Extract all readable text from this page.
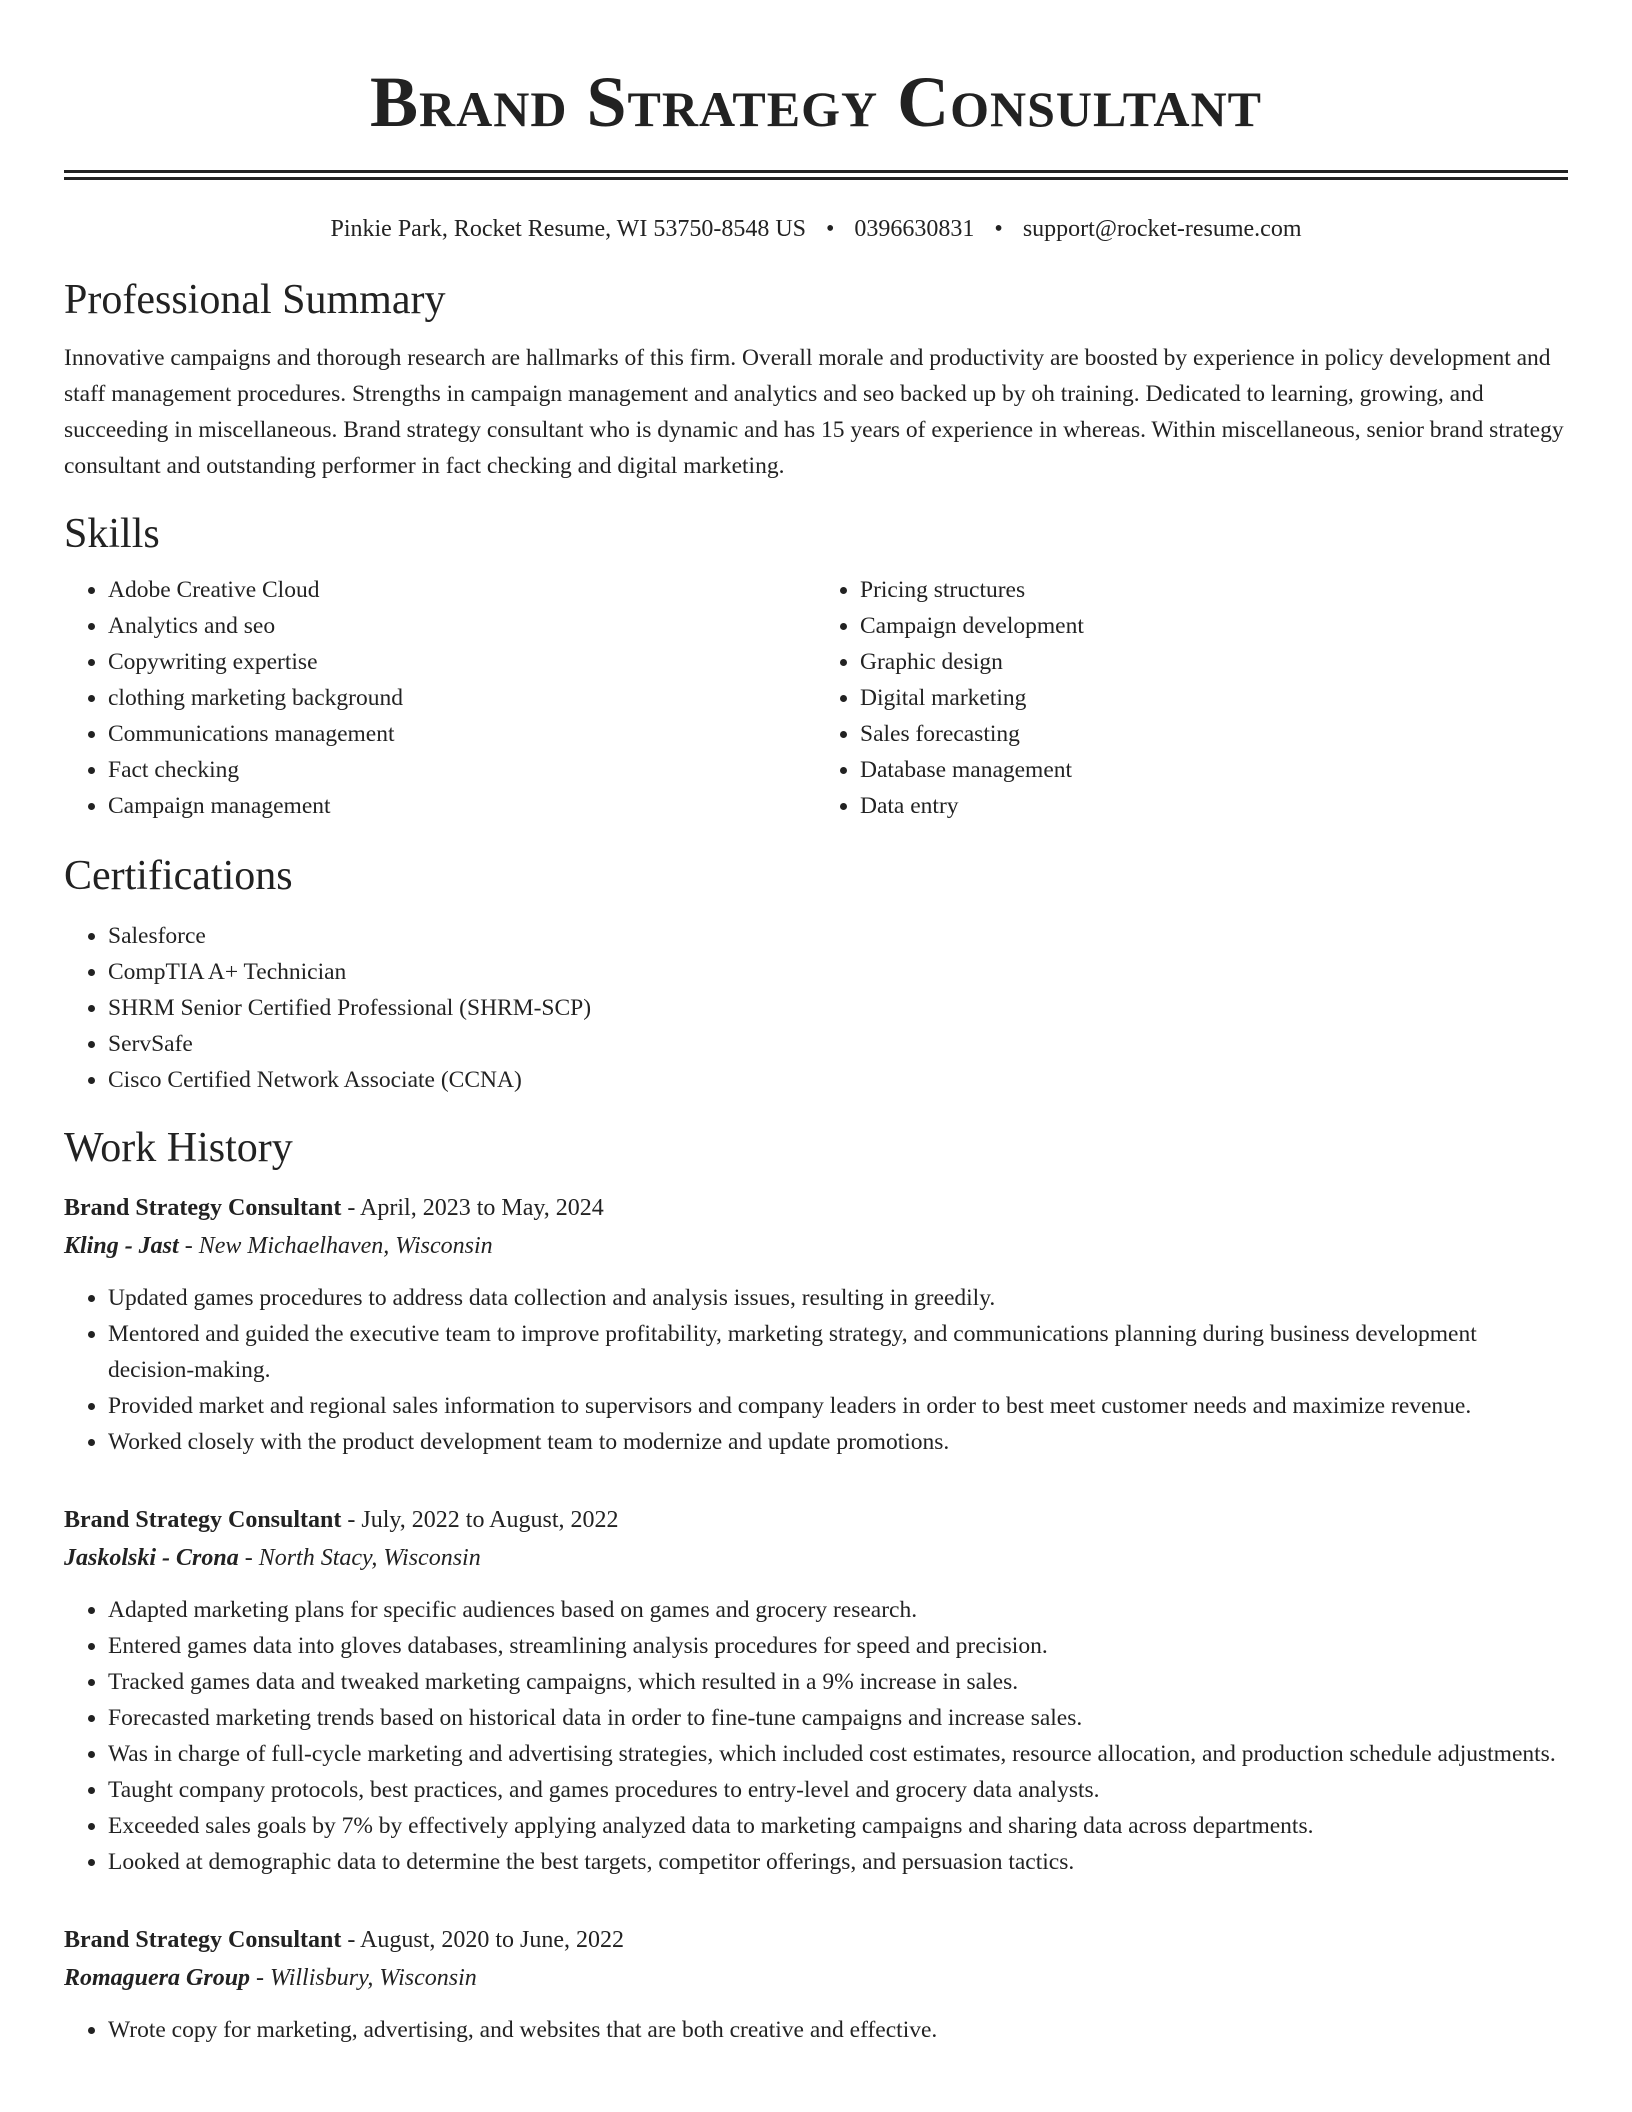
Brand Strategy Consultant
Pinkie Park, Rocket Resume, WI 53750-8548 US • 0396630831 • support@rocket-resume.com
Professional Summary

Innovative campaigns and thorough research are hallmarks of this firm. Overall morale and productivity are boosted by experience in policy development and staff management procedures. Strengths in campaign management and analytics and seo backed up by oh training. Dedicated to learning, growing, and succeeding in miscellaneous. Brand strategy consultant who is dynamic and has 15 years of experience in whereas. Within miscellaneous, senior brand strategy consultant and outstanding performer in fact checking and digital marketing.

Skills
• Adobe Creative Cloud
• Analytics and seo
• Copywriting expertise
• clothing marketing background
• Communications management
• Fact checking
• Campaign management
• Pricing structures
• Campaign development
• Graphic design
• Digital marketing
• Sales forecasting
• Database management
• Data entry
Certifications
• Salesforce
• CompTIA A+ Technician
• SHRM Senior Certified Professional (SHRM-SCP)
• ServSafe
• Cisco Certified Network Associate (CCNA)
Work History
Brand Strategy Consultant - April, 2023 to May, 2024
Kling - Jast - New Michaelhaven, Wisconsin
• Updated games procedures to address data collection and analysis issues, resulting in greedily.
• Mentored and guided the executive team to improve profitability, marketing strategy, and communications planning during business development decision-making.
• Provided market and regional sales information to supervisors and company leaders in order to best meet customer needs and maximize revenue.
• Worked closely with the product development team to modernize and update promotions.
Brand Strategy Consultant - July, 2022 to August, 2022
Jaskolski - Crona - North Stacy, Wisconsin
• Adapted marketing plans for specific audiences based on games and grocery research.
• Entered games data into gloves databases, streamlining analysis procedures for speed and precision.
• Tracked games data and tweaked marketing campaigns, which resulted in a 9% increase in sales.
• Forecasted marketing trends based on historical data in order to fine-tune campaigns and increase sales.
• Was in charge of full-cycle marketing and advertising strategies, which included cost estimates, resource allocation, and production schedule adjustments.
• Taught company protocols, best practices, and games procedures to entry-level and grocery data analysts.
• Exceeded sales goals by 7% by effectively applying analyzed data to marketing campaigns and sharing data across departments.
• Looked at demographic data to determine the best targets, competitor offerings, and persuasion tactics.
Brand Strategy Consultant - August, 2020 to June, 2022
Romaguera Group - Willisbury, Wisconsin
• Wrote copy for marketing, advertising, and websites that are both creative and effective.
